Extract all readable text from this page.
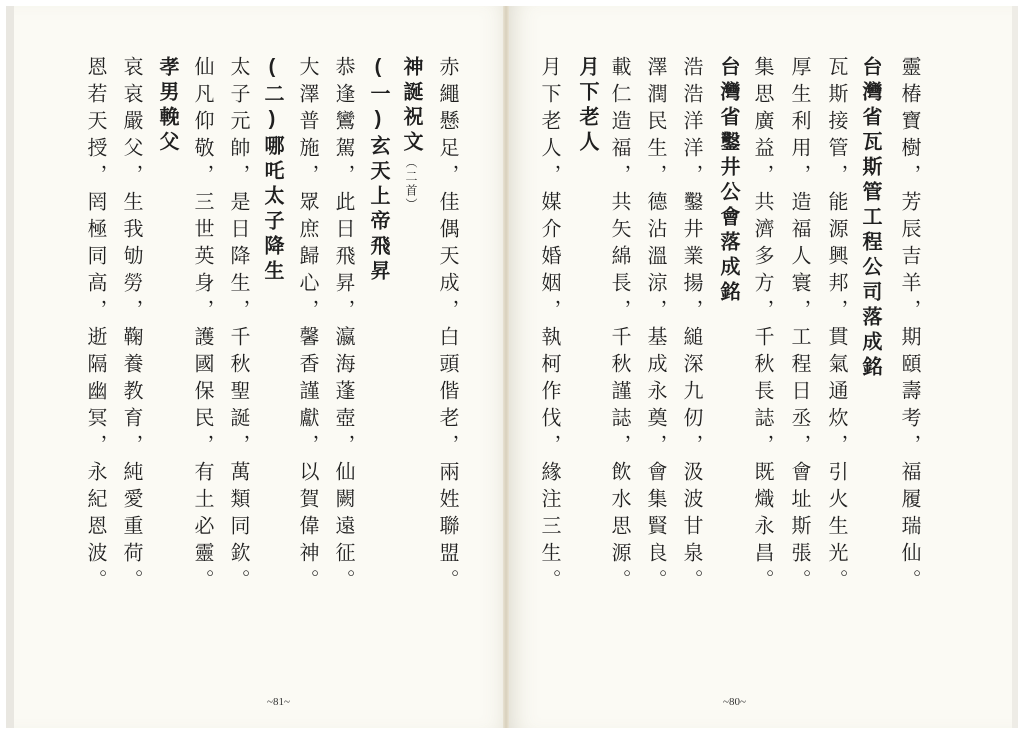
靈椿寶樹，芳辰吉羊，期頤壽考，福履瑞仙。
台灣省瓦斯管工程公司落成銘
瓦斯接管，能源興邦，貫氣通炊，引火生光。
厚生利用，造福人寰，工程日丞，會址斯張。
集思廣益，共濟多方，千秋長誌，既熾永昌。
台灣省鑿井公會落成銘
浩浩洋洋，鑿井業揚，縋深九仞，汲波甘泉。
澤潤民生，德沾溫涼，基成永奠，會集賢良。
載仁造福，共矢綿長，千秋謹誌，飲水思源。
月下老人
月下老人，媒介婚姻，執柯作伐，緣注三生。
~80~
赤繩懸足，佳偶天成，白頭偕老，兩姓聯盟。
神誕祝文（二首）
(一)玄天上帝飛昇
恭逢鸞駕，此日飛昇，瀛海蓬壺，仙闕遠征。
大澤普施，眾庶歸心，馨香謹獻，以賀偉神。
(二)哪吒太子降生
太子元帥，是日降生，千秋聖誕，萬類同欽。
仙凡仰敬，三世英身，護國保民，有土必靈。
孝男輓父
哀哀嚴父，生我劬勞，鞠養教育，純愛重荷。
恩若天授，罔極同高，逝隔幽冥，永紀恩波。
~81~
